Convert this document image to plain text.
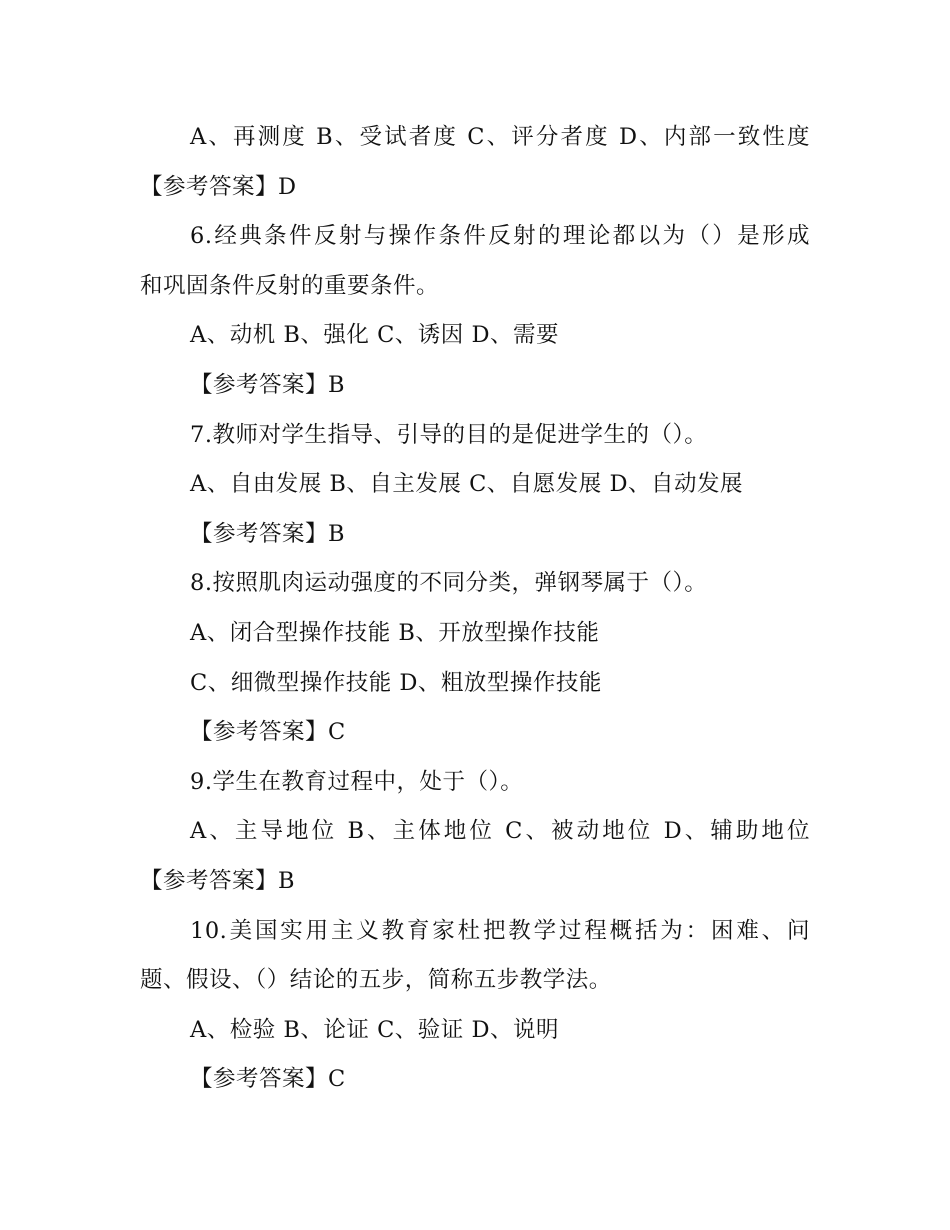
A、再测度 B、受试者度 C、评分者度 D、内部一致性度
【参考答案】D
6.经典条件反射与操作条件反射的理论都以为（）是形成
和巩固条件反射的重要条件。
A、动机 B、强化 C、诱因 D、需要
【参考答案】B
7.教师对学生指导、引导的目的是促进学生的（）。
A、自由发展 B、自主发展 C、自愿发展 D、自动发展
【参考答案】B
8.按照肌肉运动强度的不同分类，弹钢琴属于（）。
A、闭合型操作技能 B、开放型操作技能
C、细微型操作技能 D、粗放型操作技能
【参考答案】C
9.学生在教育过程中，处于（）。
A、主导地位 B、主体地位 C、被动地位 D、辅助地位
【参考答案】B
10.美国实用主义教育家杜把教学过程概括为：困难、问
题、假设、（）结论的五步，简称五步教学法。
A、检验 B、论证 C、验证 D、说明
【参考答案】C
